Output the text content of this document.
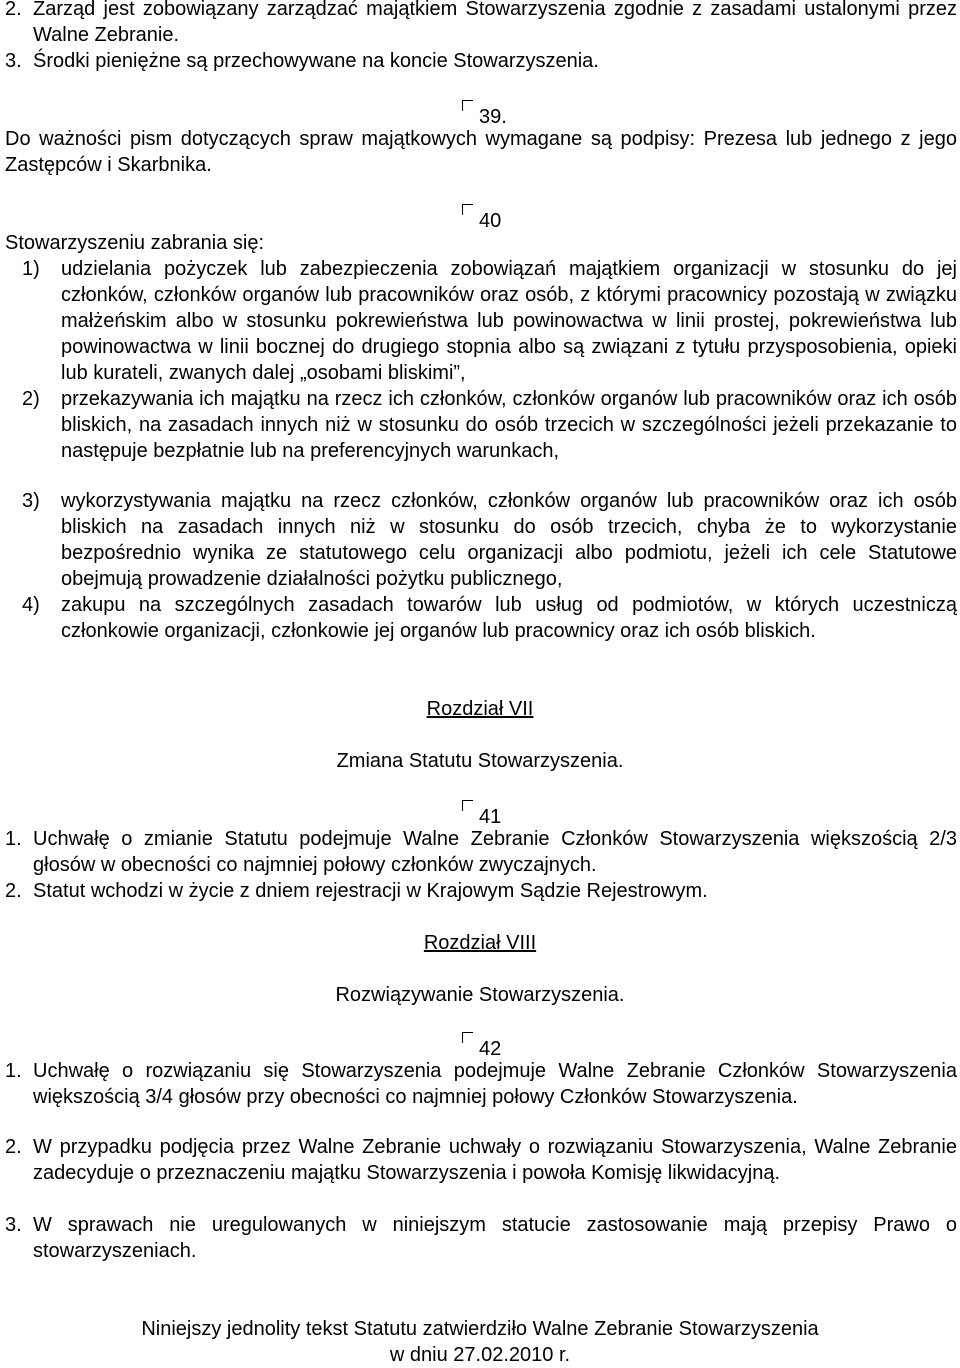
2. Zarząd jest zobowiązany zarządzać majątkiem Stowarzyszenia zgodnie z zasadami ustalonymi przez Walne Zebranie.
3. Środki pieniężne są przechowywane na koncie Stowarzyszenia.
39.
Do ważności pism dotyczących spraw majątkowych wymagane są podpisy: Prezesa lub jednego z jego Zastępców i Skarbnika.
40
Stowarzyszeniu zabrania się:
1) udzielania pożyczek lub zabezpieczenia zobowiązań majątkiem organizacji w stosunku do jej członków, członków organów lub pracowników oraz osób, z którymi pracownicy pozostają w związku małżeńskim albo w stosunku pokrewieństwa lub powinowactwa w linii prostej, pokrewieństwa lub powinowactwa w linii bocznej do drugiego stopnia albo są związani z tytułu przysposobienia, opieki lub kurateli, zwanych dalej „osobami bliskimi”,
2) przekazywania ich majątku na rzecz ich członków, członków organów lub pracowników oraz ich osób bliskich, na zasadach innych niż w stosunku do osób trzecich w szczególności jeżeli przekazanie to następuje bezpłatnie lub na preferencyjnych warunkach,
3) wykorzystywania majątku na rzecz członków, członków organów lub pracowników oraz ich osób bliskich na zasadach innych niż w stosunku do osób trzecich, chyba że to wykorzystanie bezpośrednio wynika ze statutowego celu organizacji albo podmiotu, jeżeli ich cele Statutowe obejmują prowadzenie działalności pożytku publicznego,
4) zakupu na szczególnych zasadach towarów lub usług od podmiotów, w których uczestniczą członkowie organizacji, członkowie jej organów lub pracownicy oraz ich osób bliskich.
Rozdział VII
Zmiana Statutu Stowarzyszenia.
41
1. Uchwałę o zmianie Statutu podejmuje Walne Zebranie Członków Stowarzyszenia większością 2/3 głosów w obecności co najmniej połowy członków zwyczajnych.
2. Statut wchodzi w życie z dniem rejestracji w Krajowym Sądzie Rejestrowym.
Rozdział VIII
Rozwiązywanie Stowarzyszenia.
42
1. Uchwałę o rozwiązaniu się Stowarzyszenia podejmuje Walne Zebranie Członków Stowarzyszenia większością 3/4 głosów przy obecności co najmniej połowy Członków Stowarzyszenia.
2. W przypadku podjęcia przez Walne Zebranie uchwały o rozwiązaniu Stowarzyszenia, Walne Zebranie zadecyduje o przeznaczeniu majątku Stowarzyszenia i powoła Komisję likwidacyjną.
3. W sprawach nie uregulowanych w niniejszym statucie zastosowanie mają przepisy Prawo o stowarzyszeniach.
Niniejszy jednolity tekst Statutu zatwierdziło Walne Zebranie Stowarzyszenia
w dniu 27.02.2010 r.
